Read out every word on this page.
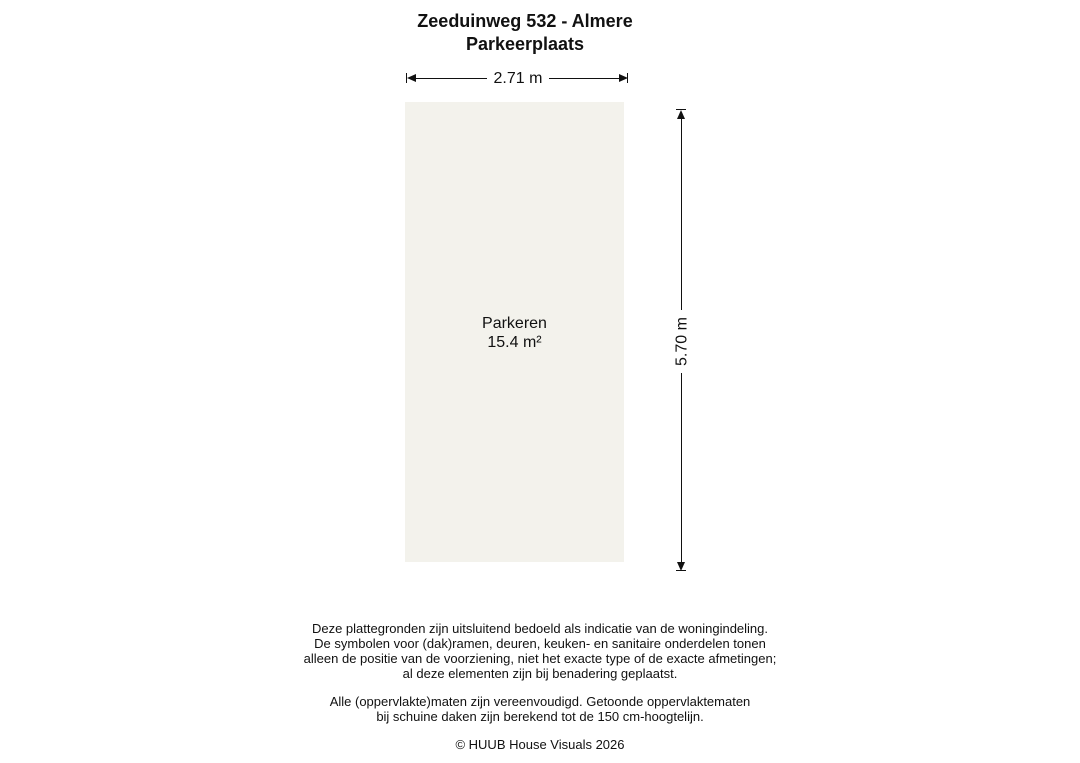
Zeeduinweg 532 - Almere
Parkeerplaats
2.71 m
Parkeren
15.4 m²	5.70 m
Deze plattegronden zijn uitsluitend bedoeld als indicatie van de woningindeling.
De symbolen voor (dak)ramen, deuren, keuken- en sanitaire onderdelen tonen
alleen de positie van de voorziening, niet het exacte type of de exacte afmetingen;
al deze elementen zijn bij benadering geplaatst.
Alle (oppervlakte)maten zijn vereenvoudigd. Getoonde oppervlaktematen
bij schuine daken zijn berekend tot de 150 cm-hoogtelijn.
© HUUB House Visuals 2026
